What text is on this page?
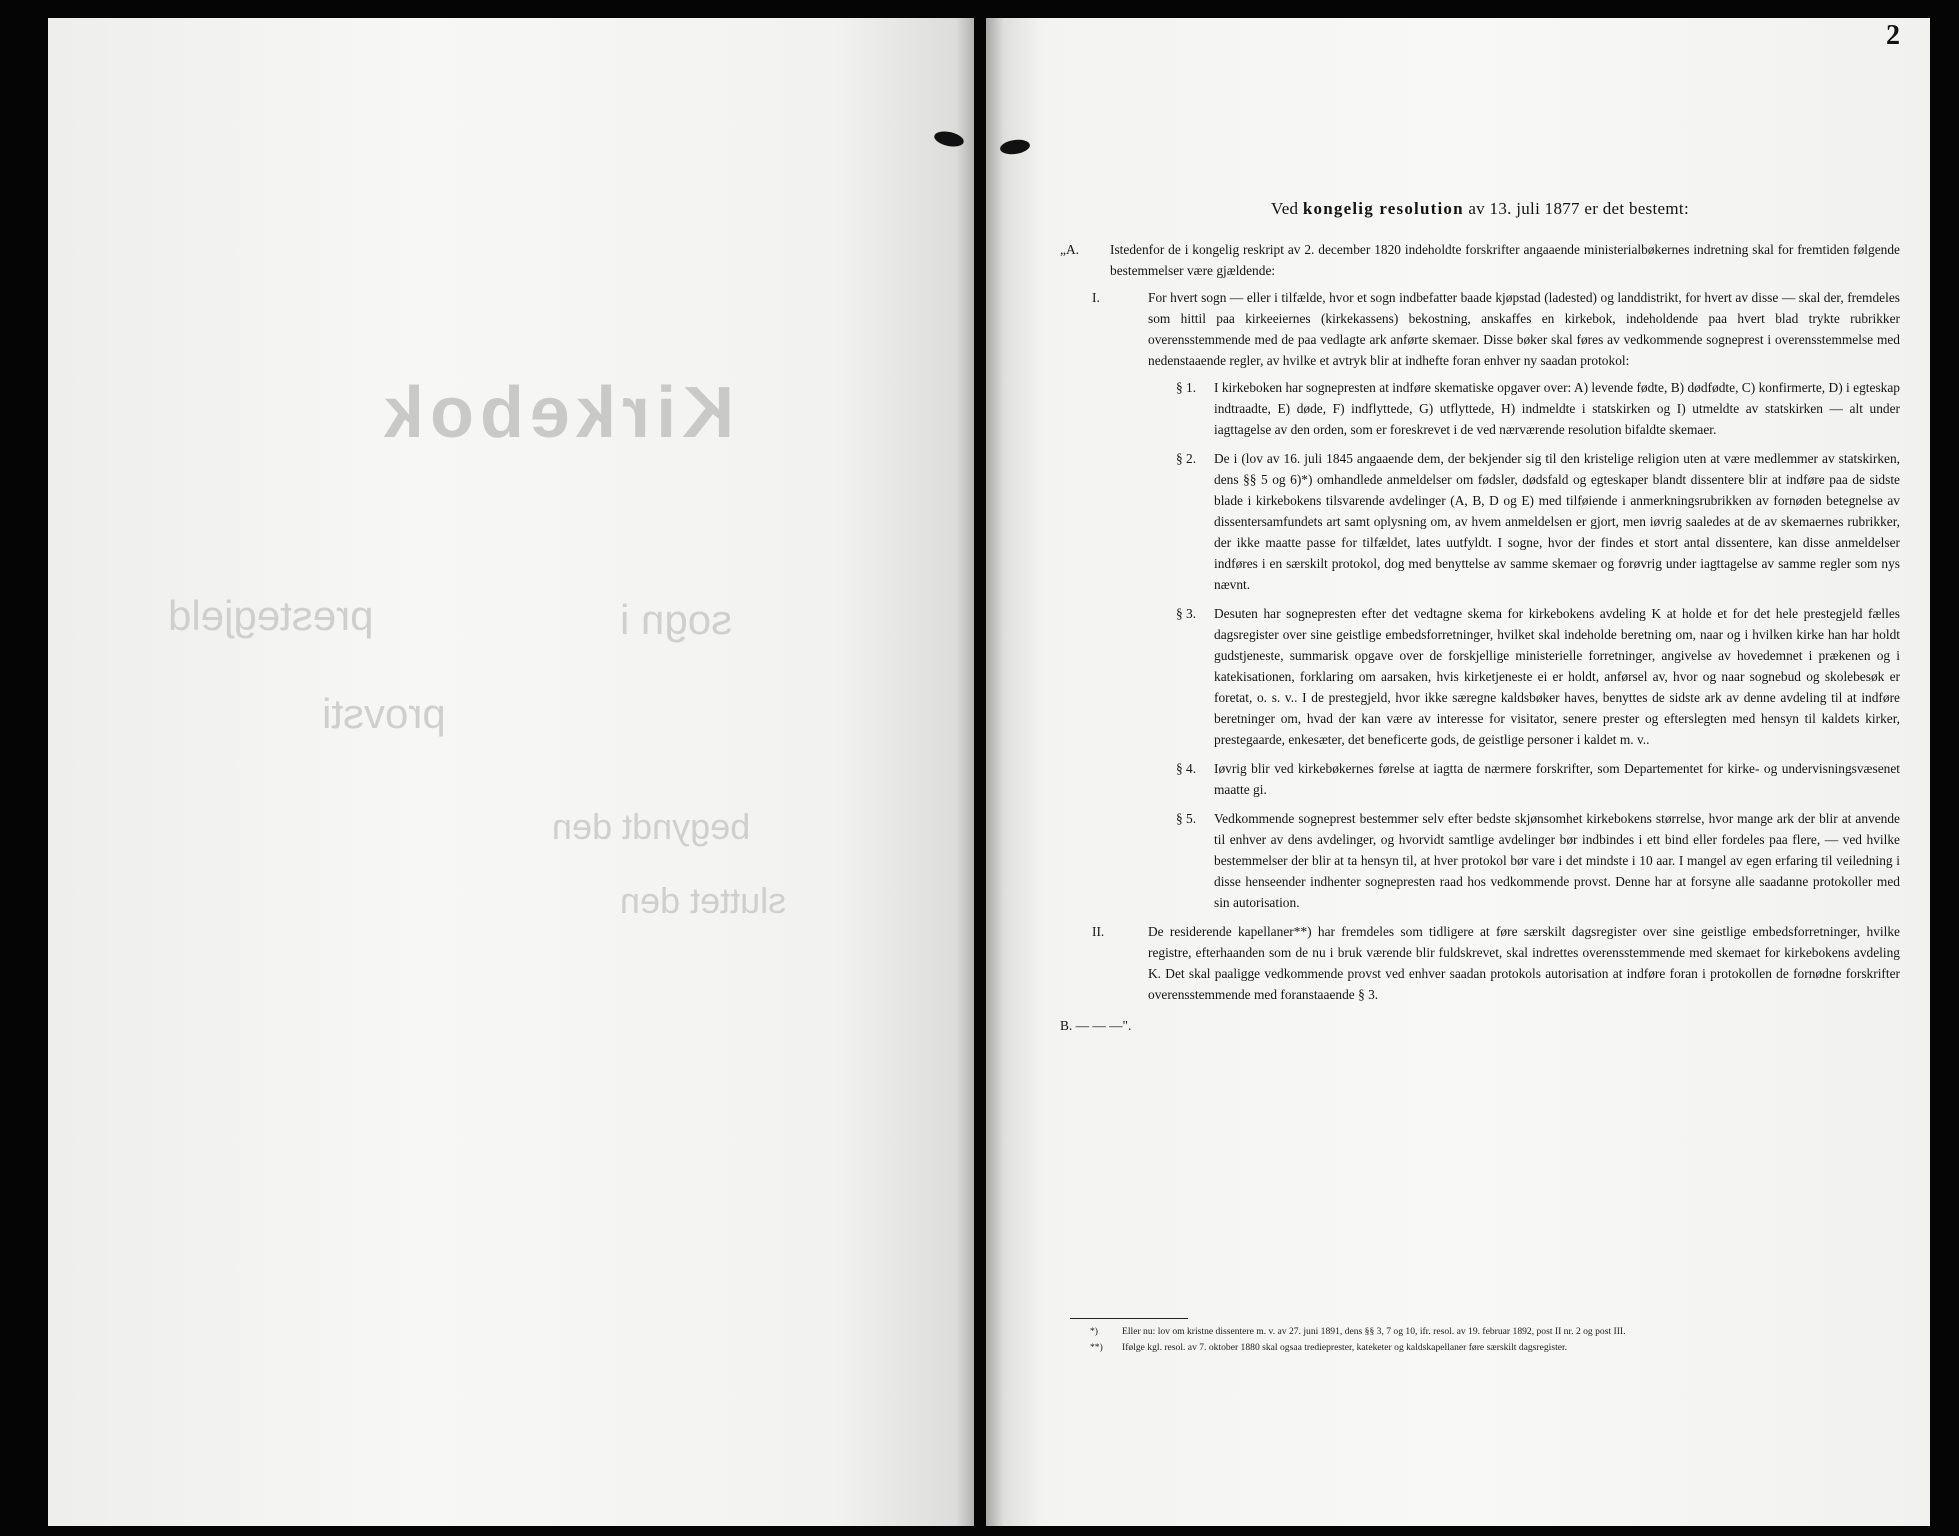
Kirkebok
prestegjeld	sogn i
provsti
begyndt den
sluttet den
2
Ved kongelig resolution av 13. juli 1877 er det bestemt:
„A. Istedenfor de i kongelig reskript av 2. december 1820 indeholdte forskrifter angaaende ministerialbøkernes indretning skal for fremtiden følgende bestemmelser være gjældende:
I.	For hvert sogn — eller i tilfælde, hvor et sogn indbefatter baade kjøpstad (ladested) og landdistrikt, for hvert av disse — skal der, fremdeles som hittil paa kirkeeiernes (kirkekassens) bekostning, anskaffes en kirkebok, indeholdende paa hvert blad trykte rubrikker overensstemmende med de paa vedlagte ark anførte skemaer. Disse bøker skal føres av vedkommende sogneprest i overensstemmelse med nedenstaaende regler, av hvilke et avtryk blir at indhefte foran enhver ny saadan protokol:
§ 1. I kirkeboken har sognepresten at indføre skematiske opgaver over: A) levende fødte, B) dødfødte, C) konfirmerte, D) i egteskap indtraadte, E) døde, F) indflyttede, G) utflyttede, H) indmeldte i statskirken og I) utmeldte av statskirken — alt under iagttagelse av den orden, som er foreskrevet i de ved nærværende resolution bifaldte skemaer.
§ 2. De i (lov av 16. juli 1845 angaaende dem, der bekjender sig til den kristelige religion uten at være medlemmer av statskirken, dens §§ 5 og 6)*) omhandlede anmeldelser om fødsler, dødsfald og egteskaper blandt dissentere blir at indføre paa de sidste blade i kirkebokens tilsvarende avdelinger (A, B, D og E) med tilføiende i anmerkningsrubrikken av fornøden betegnelse av dissentersamfundets art samt oplysning om, av hvem anmeldelsen er gjort, men iøvrig saaledes at de av skemaernes rubrikker, der ikke maatte passe for tilfældet, lates uutfyldt. I sogne, hvor der findes et stort antal dissentere, kan disse anmeldelser indføres i en særskilt protokol, dog med benyttelse av samme skemaer og forøvrig under iagttagelse av samme regler som nys nævnt.
§ 3. Desuten har sognepresten efter det vedtagne skema for kirkebokens avdeling K at holde et for det hele prestegjeld fælles dagsregister over sine geistlige embedsforretninger, hvilket skal indeholde beretning om, naar og i hvilken kirke han har holdt gudstjeneste, summarisk opgave over de forskjellige ministerielle forretninger, angivelse av hovedemnet i prækenen og i katekisationen, forklaring om aarsaken, hvis kirketjeneste ei er holdt, anførsel av, hvor og naar sognebud og skolebesøk er foretat, o. s. v.. I de prestegjeld, hvor ikke særegne kaldsbøker haves, benyttes de sidste ark av denne avdeling til at indføre beretninger om, hvad der kan være av interesse for visitator, senere prester og efterslegten med hensyn til kaldets kirker, prestegaarde, enkesæter, det beneficerte gods, de geistlige personer i kaldet m. v..
§ 4. Iøvrig blir ved kirkebøkernes førelse at iagtta de nærmere forskrifter, som Departementet for kirke- og undervisningsvæsenet maatte gi.
§ 5. Vedkommende sogneprest bestemmer selv efter bedste skjønsomhet kirkebokens størrelse, hvor mange ark der blir at anvende til enhver av dens avdelinger, og hvorvidt samtlige avdelinger bør indbindes i ett bind eller fordeles paa flere, — ved hvilke bestemmelser der blir at ta hensyn til, at hver protokol bør vare i det mindste i 10 aar. I mangel av egen erfaring til veiledning i disse henseender indhenter sognepresten raad hos vedkommende provst. Denne har at forsyne alle saadanne protokoller med sin autorisation.
II.	De residerende kapellaner**) har fremdeles som tidligere at føre særskilt dagsregister over sine geistlige embedsforretninger, hvilke registre, efterhaanden som de nu i bruk værende blir fuldskrevet, skal indrettes overensstemmende med skemaet for kirkebokens avdeling K. Det skal paaligge vedkommende provst ved enhver saadan protokols autorisation at indføre foran i protokollen de fornødne forskrifter overensstemmende med foranstaaende § 3.
B. — — —".
*)	Eller nu: lov om kristne dissentere m. v. av 27. juni 1891, dens §§ 3, 7 og 10, ifr. resol. av 19. februar 1892, post II nr. 2 og post III.
**) Ifølge kgl. resol. av 7. oktober 1880 skal ogsaa tredieprester, kateketer og kaldskapellaner føre særskilt dagsregister.
